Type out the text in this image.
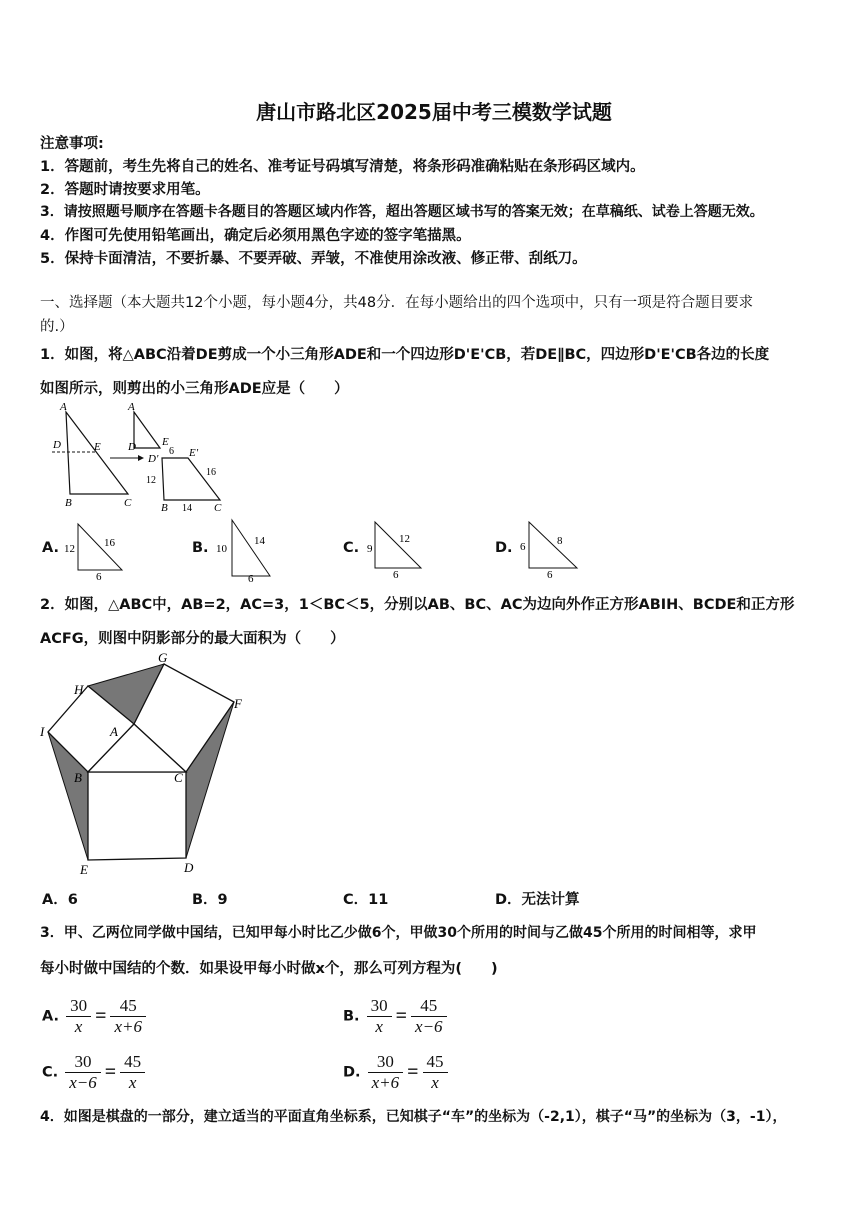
唐山市路北区2025届中考三模数学试题
注意事项:
1．答题前，考生先将自己的姓名、准考证号码填写清楚，将条形码准确粘贴在条形码区域内。
2．答题时请按要求用笔。
3．请按照题号顺序在答题卡各题目的答题区域内作答，超出答题区域书写的答案无效；在草稿纸、试卷上答题无效。
4．作图可先使用铅笔画出，确定后必须用黑色字迹的签字笔描黑。
5．保持卡面清洁，不要折暴、不要弄破、弄皱，不准使用涂改液、修正带、刮纸刀。
一、选择题（本大题共12个小题，每小题4分，共48分．在每小题给出的四个选项中，只有一项是符合题目要求
的.）
1．如图，将△ABC沿着DE剪成一个小三角形ADE和一个四边形D'E'CB，若DE∥BC，四边形D'E'CB各边的长度
如图所示，则剪出的小三角形ADE应是（　　）
A
D	E
B	C
A
D E
D'	E'
6
16
12
14
B	C
A. 12	16
6
B. 10
14
6
C. 9
12
6
D. 6	8
6
2．如图，△ABC中，AB=2，AC=3，1＜BC＜5，分别以AB、BC、AC为边向外作正方形ABIH、BCDE和正方形
ACFG，则图中阴影部分的最大面积为（　　）
G
H
F
I	A
B	C
E	D
A．6	B．9	C．11	D．无法计算
3．甲、乙两位同学做中国结，已知甲每小时比乙少做6个，甲做30个所用的时间与乙做45个所用的时间相等，求甲
每小时做中国结的个数．如果设甲每小时做x个，那么可列方程为(　　)
A. $\frac{30}{x} = \frac{45}{x+6}$	B. $\frac{30}{x} = \frac{45}{x-6}$
C. $\frac{30}{x-6} = \frac{45}{x}$	D. $\frac{30}{x+6} = \frac{45}{x}$
4．如图是棋盘的一部分，建立适当的平面直角坐标系，已知棋子“车”的坐标为（-2,1），棋子“马”的坐标为（3，-1），
